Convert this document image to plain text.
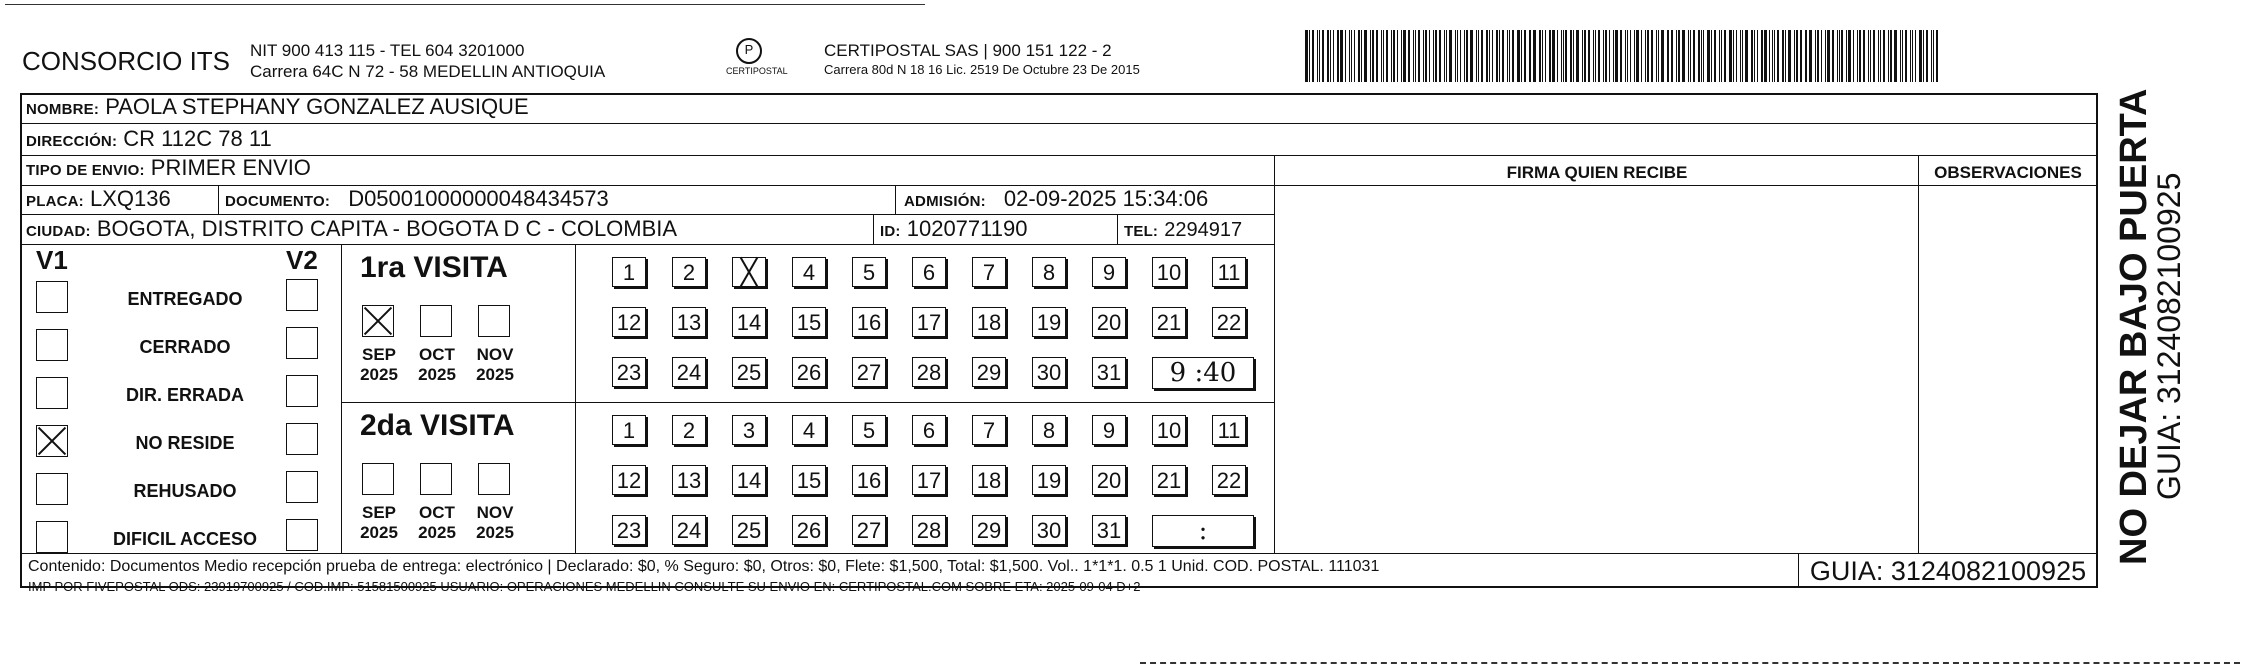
CONSORCIO ITS NIT 900 413 115 - TEL 604 3201000
Carrera 64C N 72 - 58 MEDELLIN ANTIOQUIA
P
CERTIPOSTAL
CERTIPOSTAL SAS | 900 151 122 - 2
Carrera 80d N 18 16 Lic. 2519 De Octubre 23 De 2015
NOMBRE: PAOLA STEPHANY GONZALEZ AUSIQUE
DIRECCIÓN: CR 112C 78 11
TIPO DE ENVIO: PRIMER ENVIO
PLACA: LXQ136	DOCUMENTO: D05001000000048434573	ADMISIÓN: 02-09-2025 15:34:06
CIUDAD: BOGOTA, DISTRITO CAPITA - BOGOTA D C - COLOMBIA	ID: 1020771190	TEL: 2294917
FIRMA QUIEN RECIBE	OBSERVACIONES
V1	V2
ENTREGADO
CERRADO
DIR. ERRADA
NO RESIDE
REHUSADO
DIFICIL ACCESO
1ra VISITA
SEP
2025
OCT
2025
NOV
2025
2da VISITA
SEP
2025
OCT
2025
NOV
2025
1	2	4	5	6	7	8	9	10 11
12 13 14 15 16 17 18 19 20 21 22
23 24 25 26 27 28 29 30 31	9 :40
1	2	3	4	5	6	7	8	9	10 11
12 13 14 15 16 17 18 19 20 21 22
23 24 25 26 27 28 29 30 31	:
Contenido: Documentos Medio recepción prueba de entrega: electrónico | Declarado: $0, % Seguro: $0, Otros: $0, Flete: $1,500, Total: $1,500. Vol.. 1*1*1. 0.5 1 Unid. COD. POSTAL. 111031
IMP POR FIVEPOSTAL ODS: 23919700925 / COD.IMP: 51581500925 USUARIO: OPERACIONES MEDELLIN CONSULTE SU ENVIO EN: CERTIPOSTAL.COM SOBRE ETA: 2025-09-04 D+2
GUIA: 3124082100925
NO DEJAR BAJO PUERTA
GUIA: 3124082100925
